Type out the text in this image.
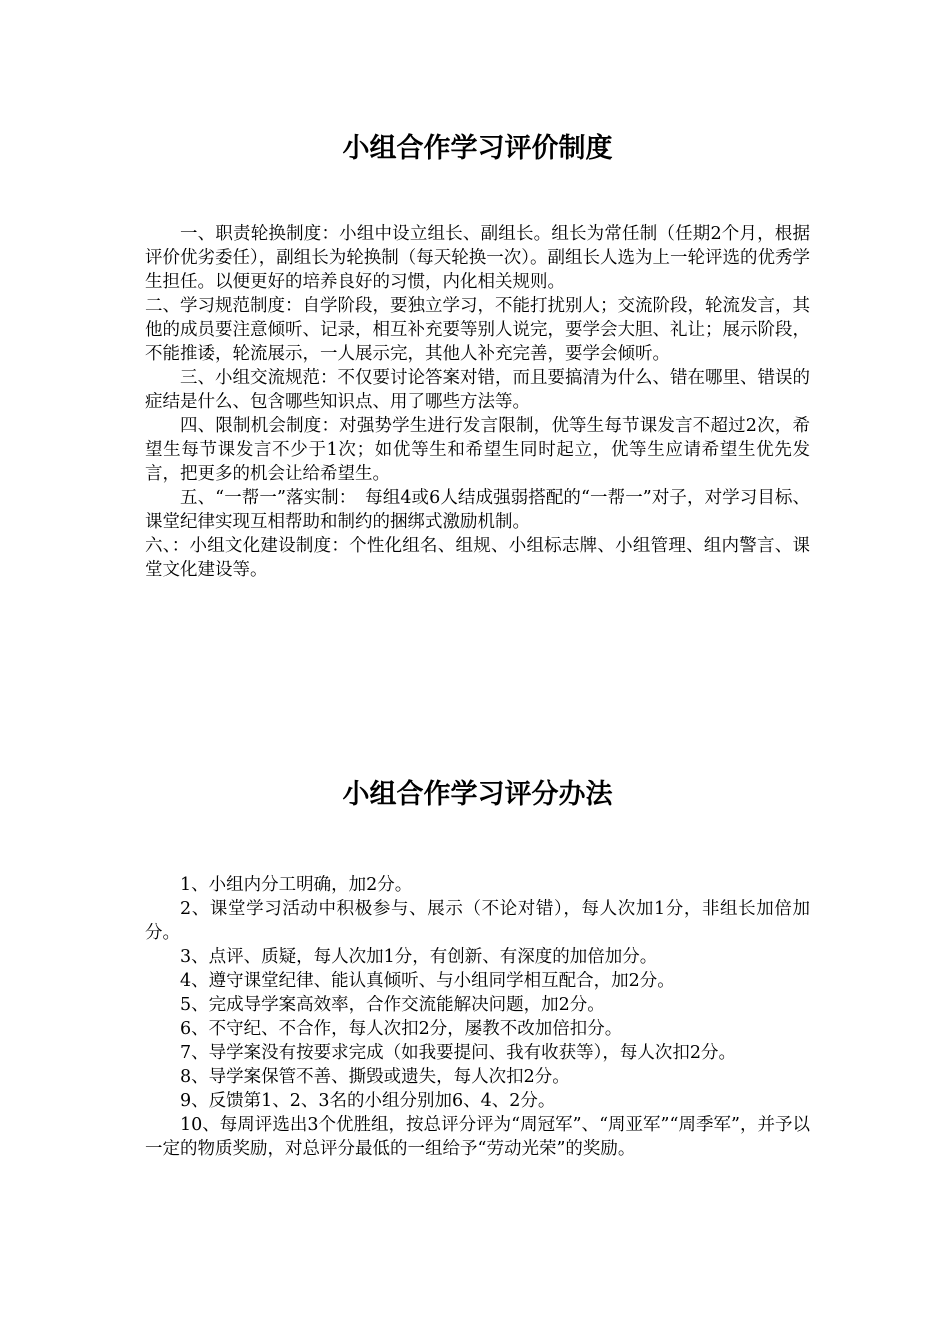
小组合作学习评价制度

一、职责轮换制度：小组中设立组长、副组长。组长为常任制（任期2个月，根据评价优劣委任），副组长为轮换制（每天轮换一次）。副组长人选为上一轮评选的优秀学生担任。以便更好的培养良好的习惯，内化相关规则。

二、学习规范制度：自学阶段，要独立学习，不能打扰别人；交流阶段，轮流发言，其他的成员要注意倾听、记录，相互补充要等别人说完，要学会大胆、礼让；展示阶段，不能推诿，轮流展示，一人展示完，其他人补充完善，要学会倾听。

三、小组交流规范：不仅要讨论答案对错，而且要搞清为什么、错在哪里、错误的症结是什么、包含哪些知识点、用了哪些方法等。

四、限制机会制度：对强势学生进行发言限制，优等生每节课发言不超过2次，希望生每节课发言不少于1次；如优等生和希望生同时起立，优等生应请希望生优先发言，把更多的机会让给希望生。

五、“一帮一”落实制：　每组4或6人结成强弱搭配的“一帮一”对子，对学习目标、课堂纪律实现互相帮助和制约的捆绑式激励机制。

六、：小组文化建设制度：个性化组名、组规、小组标志牌、小组管理、组内警言、课堂文化建设等。

小组合作学习评分办法

1、小组内分工明确，加2分。

2、课堂学习活动中积极参与、展示（不论对错），每人次加1分，非组长加倍加分。

3、点评、质疑，每人次加1分，有创新、有深度的加倍加分。

4、遵守课堂纪律、能认真倾听、与小组同学相互配合，加2分。

5、完成导学案高效率，合作交流能解决问题，加2分。

6、不守纪、不合作，每人次扣2分，屡教不改加倍扣分。

7、导学案没有按要求完成（如我要提问、我有收获等），每人次扣2分。

8、导学案保管不善、撕毁或遗失，每人次扣2分。

9、反馈第1、2、3名的小组分别加6、4、2分。

10、每周评选出3个优胜组，按总评分评为“周冠军”、“周亚军”“周季军”，并予以一定的物质奖励，对总评分最低的一组给予“劳动光荣”的奖励。
